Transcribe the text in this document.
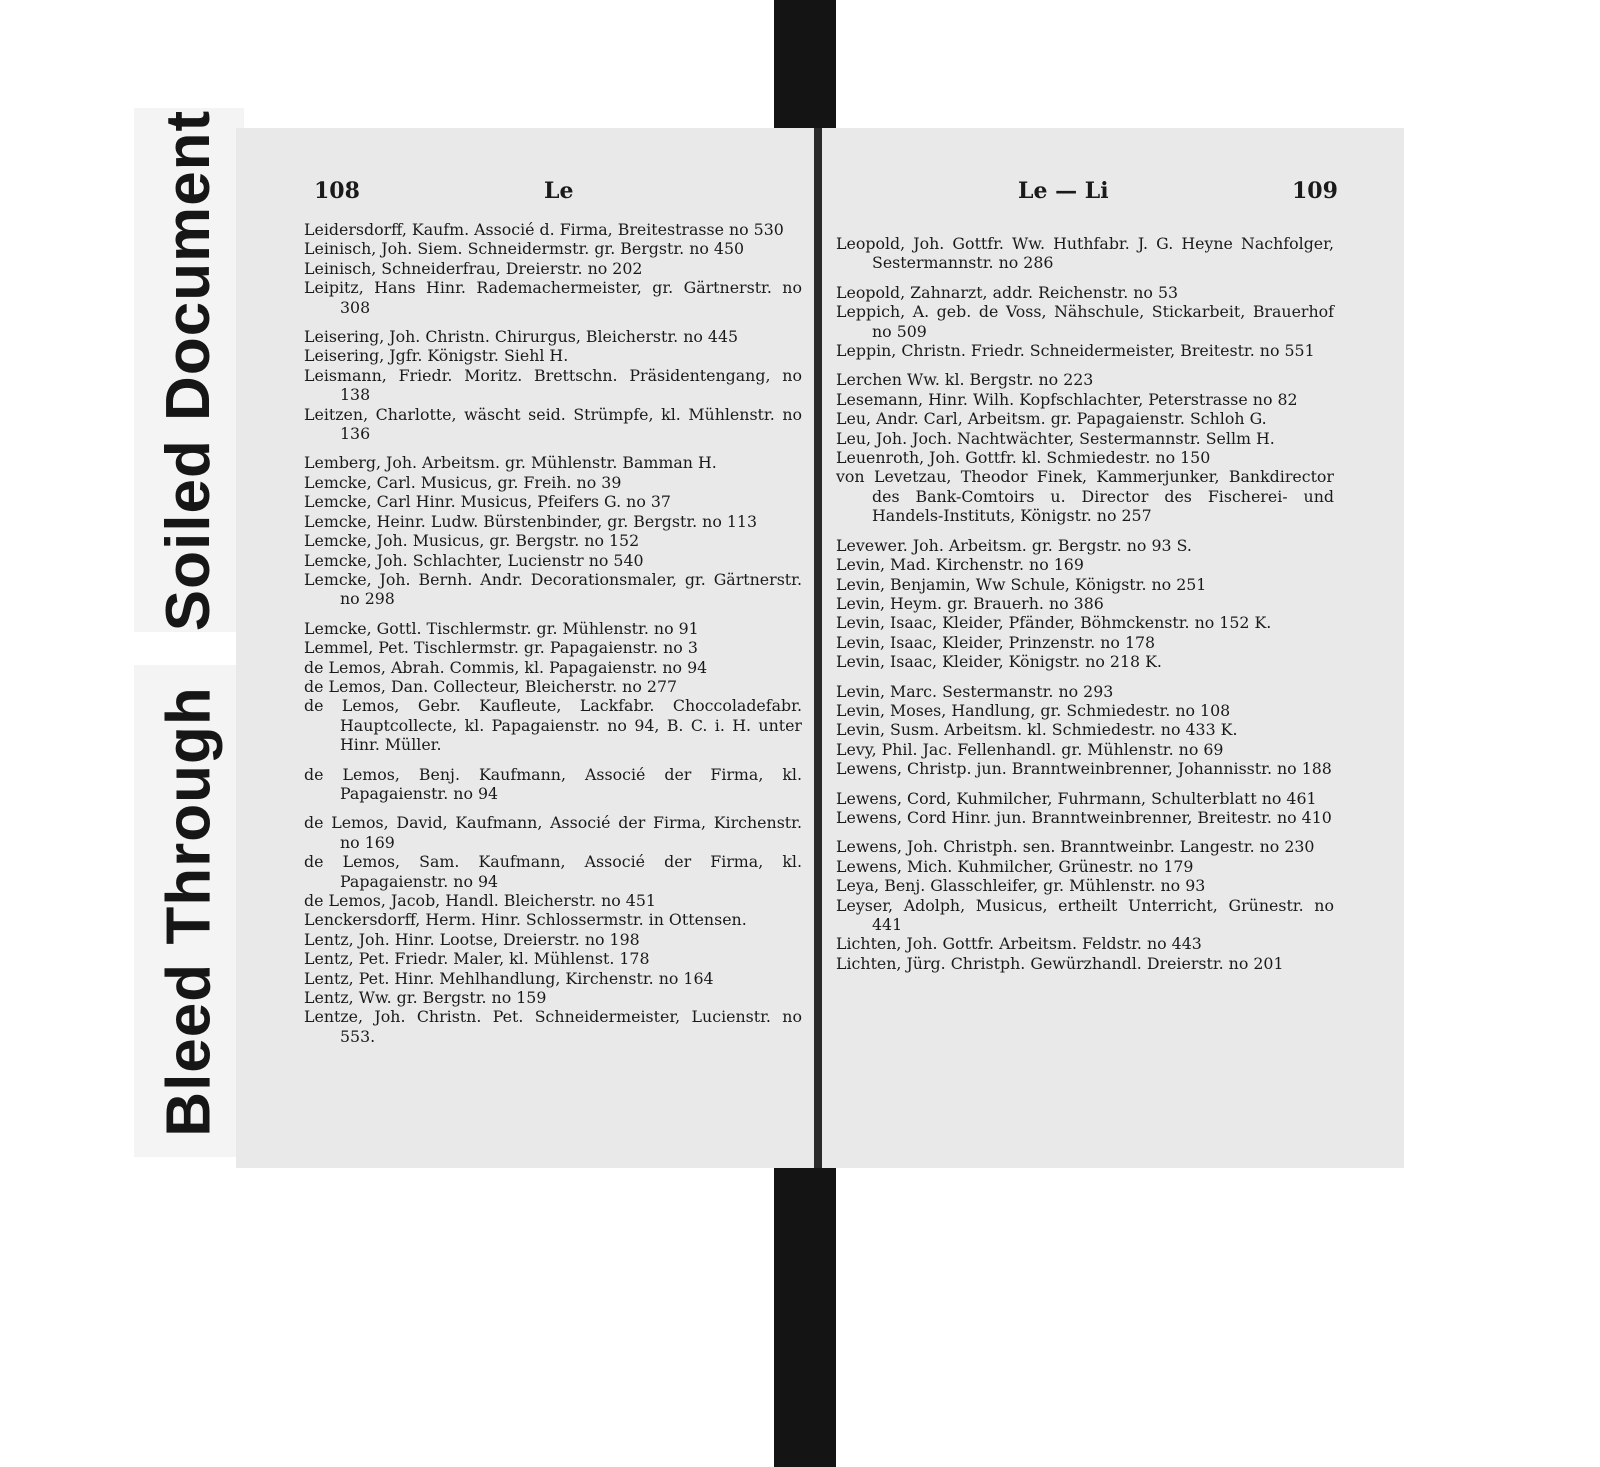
Soiled Document
Bleed Through
108	Le
Leidersdorff, Kaufm. Associé d. Firma, Breitestrasse no 530
Leinisch, Joh. Siem. Schneidermstr. gr. Bergstr. no 450
Leinisch, Schneiderfrau, Dreierstr. no 202
Leipitz, Hans Hinr. Rademachermeister, gr. Gärtnerstr. no 308
Leisering, Joh. Christn. Chirurgus, Bleicherstr. no 445
Leisering, Jgfr. Königstr. Siehl H.
Leismann, Friedr. Moritz. Brettschn. Präsidentengang, no 138
Leitzen, Charlotte, wäscht seid. Strümpfe, kl. Mühlenstr. no 136
Lemberg, Joh. Arbeitsm. gr. Mühlenstr. Bamman H.
Lemcke, Carl. Musicus, gr. Freih. no 39
Lemcke, Carl Hinr. Musicus, Pfeifers G. no 37
Lemcke, Heinr. Ludw. Bürstenbinder, gr. Bergstr. no 113
Lemcke, Joh. Musicus, gr. Bergstr. no 152
Lemcke, Joh. Schlachter, Lucienstr no 540
Lemcke, Joh. Bernh. Andr. Decorationsmaler, gr. Gärtnerstr. no 298
Lemcke, Gottl. Tischlermstr. gr. Mühlenstr. no 91
Lemmel, Pet. Tischlermstr. gr. Papagaienstr. no 3
de Lemos, Abrah. Commis, kl. Papagaienstr. no 94
de Lemos, Dan. Collecteur, Bleicherstr. no 277
de Lemos, Gebr. Kaufleute, Lackfabr. Choccoladefabr. Hauptcollecte, kl. Papagaienstr. no 94, B. C. i. H. unter Hinr. Müller.
de Lemos, Benj. Kaufmann, Associé der Firma, kl. Papagaienstr. no 94
de Lemos, David, Kaufmann, Associé der Firma, Kirchenstr. no 169
de Lemos, Sam. Kaufmann, Associé der Firma, kl. Papagaienstr. no 94
de Lemos, Jacob, Handl. Bleicherstr. no 451
Lenckersdorff, Herm. Hinr. Schlossermstr. in Ottensen.
Lentz, Joh. Hinr. Lootse, Dreierstr. no 198
Lentz, Pet. Friedr. Maler, kl. Mühlenst. 178
Lentz, Pet. Hinr. Mehlhandlung, Kirchenstr. no 164
Lentz, Ww. gr. Bergstr. no 159
Lentze, Joh. Christn. Pet. Schneidermeister, Lucienstr. no 553.
Le — Li	109
Leopold, Joh. Gottfr. Ww. Huthfabr. J. G. Heyne Nachfolger, Sestermannstr. no 286
Leopold, Zahnarzt, addr. Reichenstr. no 53
Leppich, A. geb. de Voss, Nähschule, Stickarbeit, Brauerhof no 509
Leppin, Christn. Friedr. Schneidermeister, Breitestr. no 551
Lerchen Ww. kl. Bergstr. no 223
Lesemann, Hinr. Wilh. Kopfschlachter, Peterstrasse no 82
Leu, Andr. Carl, Arbeitsm. gr. Papagaienstr. Schloh G.
Leu, Joh. Joch. Nachtwächter, Sestermannstr. Sellm H.
Leuenroth, Joh. Gottfr. kl. Schmiedestr. no 150
von Levetzau, Theodor Finek, Kammerjunker, Bankdirector des Bank-Comtoirs u. Director des Fischerei- und Handels-Instituts, Königstr. no 257
Levewer. Joh. Arbeitsm. gr. Bergstr. no 93 S.
Levin, Mad. Kirchenstr. no 169
Levin, Benjamin, Ww Schule, Königstr. no 251
Levin, Heym. gr. Brauerh. no 386
Levin, Isaac, Kleider, Pfänder, Böhmckenstr. no 152 K.
Levin, Isaac, Kleider, Prinzenstr. no 178
Levin, Isaac, Kleider, Königstr. no 218 K.
Levin, Marc. Sestermanstr. no 293
Levin, Moses, Handlung, gr. Schmiedestr. no 108
Levin, Susm. Arbeitsm. kl. Schmiedestr. no 433 K.
Levy, Phil. Jac. Fellenhandl. gr. Mühlenstr. no 69
Lewens, Christp. jun. Branntweinbrenner, Johannisstr. no 188
Lewens, Cord, Kuhmilcher, Fuhrmann, Schulterblatt no 461
Lewens, Cord Hinr. jun. Branntweinbrenner, Breitestr. no 410
Lewens, Joh. Christph. sen. Branntweinbr. Langestr. no 230
Lewens, Mich. Kuhmilcher, Grünestr. no 179
Leya, Benj. Glasschleifer, gr. Mühlenstr. no 93
Leyser, Adolph, Musicus, ertheilt Unterricht, Grünestr. no 441
Lichten, Joh. Gottfr. Arbeitsm. Feldstr. no 443
Lichten, Jürg. Christph. Gewürzhandl. Dreierstr. no 201
